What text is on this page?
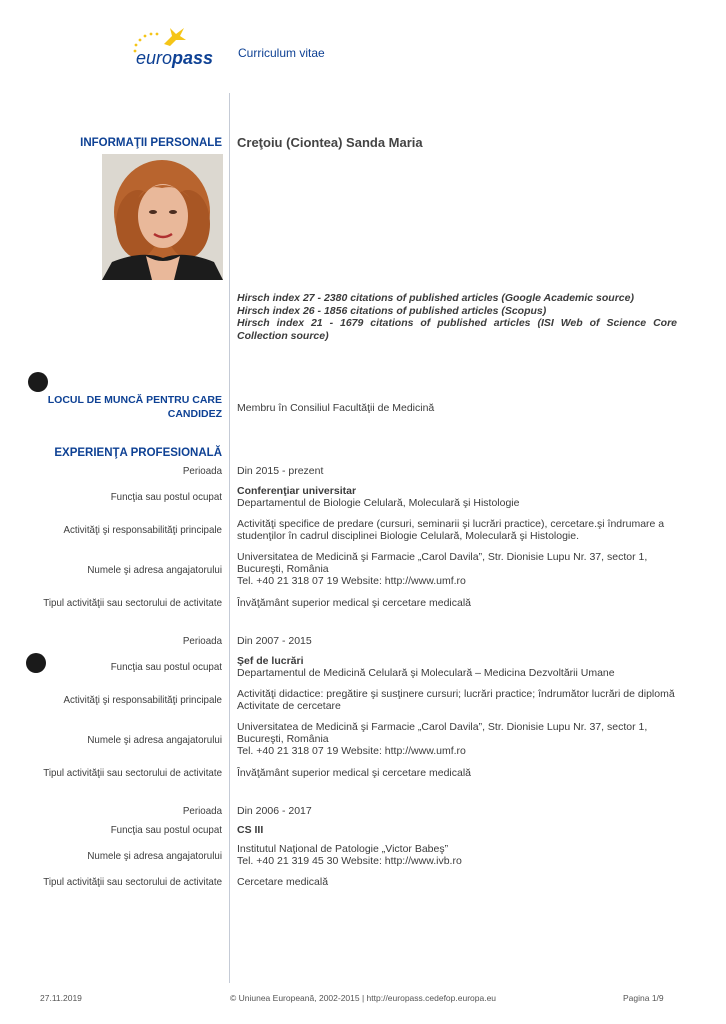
europass Curriculum vitae
INFORMAŢII PERSONALE Creţoiu (Ciontea) Sanda Maria
Hirsch index 27 - 2380 citations of published articles (Google Academic source)
Hirsch index 26 - 1856 citations of published articles (Scopus)
Hirsch index 21 - 1679 citations of published articles (ISI Web of Science Core Collection source)
LOCUL DE MUNCĂ PENTRU CARE
CANDIDEZ Membru în Consiliul Facultăţii de Medicină
EXPERIENŢA PROFESIONALĂ
Perioada Din 2015 - prezent
Funcţia sau postul ocupat Conferenţiar universitar
Departamentul de Biologie Celulară, Moleculară şi Histologie
Activităţi şi responsabilităţi principale Activităţi specifice de predare (cursuri, seminarii şi lucrări practice), cercetare.şi îndrumare a
studenţilor în cadrul disciplinei Biologie Celulară, Moleculară şi Histologie.
Numele şi adresa angajatorului
Universitatea de Medicină şi Farmacie „Carol Davila”, Str. Dionisie Lupu Nr. 37, sector 1,
Bucureşti, România
Tel. +40 21 318 07 19 Website: http://www.umf.ro
Tipul activităţii sau sectorului de activitate Învăţământ superior medical şi cercetare medicală
Perioada Din 2007 - 2015
Funcţia sau postul ocupat Şef de lucrări
Departamentul de Medicină Celulară şi Moleculară – Medicina Dezvoltării Umane
Activităţi şi responsabilităţi principale Activităţi didactice: pregătire şi susţinere cursuri; lucrări practice; îndrumător lucrări de diplomă
Activitate de cercetare
Numele şi adresa angajatorului
Universitatea de Medicină şi Farmacie „Carol Davila”, Str. Dionisie Lupu Nr. 37, sector 1,
Bucureşti, România
Tel. +40 21 318 07 19 Website: http://www.umf.ro
Tipul activităţii sau sectorului de activitate Învăţământ superior medical şi cercetare medicală
Perioada Din 2006 - 2017
Funcţia sau postul ocupat CS III
Numele şi adresa angajatorului
Institutul Naţional de Patologie „Victor Babeş”
Tel. +40 21 319 45 30 Website: http://www.ivb.ro
Tipul activităţii sau sectorului de activitate Cercetare medicală
27.11.2019	© Uniunea Europeană, 2002-2015 | http://europass.cedefop.europa.eu	Pagina 1/9
